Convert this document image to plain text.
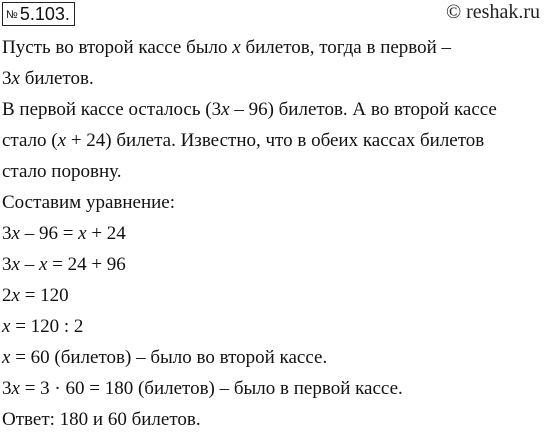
№ 5.103.	© reshak.ru
Пусть во второй кассе было x билетов, тогда в первой –
3x билетов.
В первой кассе осталось (3x – 96) билетов. А во второй кассе
стало (x + 24) билета. Известно, что в обеих кассах билетов
стало поровну.
Составим уравнение:
3x – 96 = x + 24
3x – x = 24 + 96
2x = 120
x = 120 : 2
x = 60 (билетов) – было во второй кассе.
3x = 3 · 60 = 180 (билетов) – было в первой кассе.
Ответ: 180 и 60 билетов.
